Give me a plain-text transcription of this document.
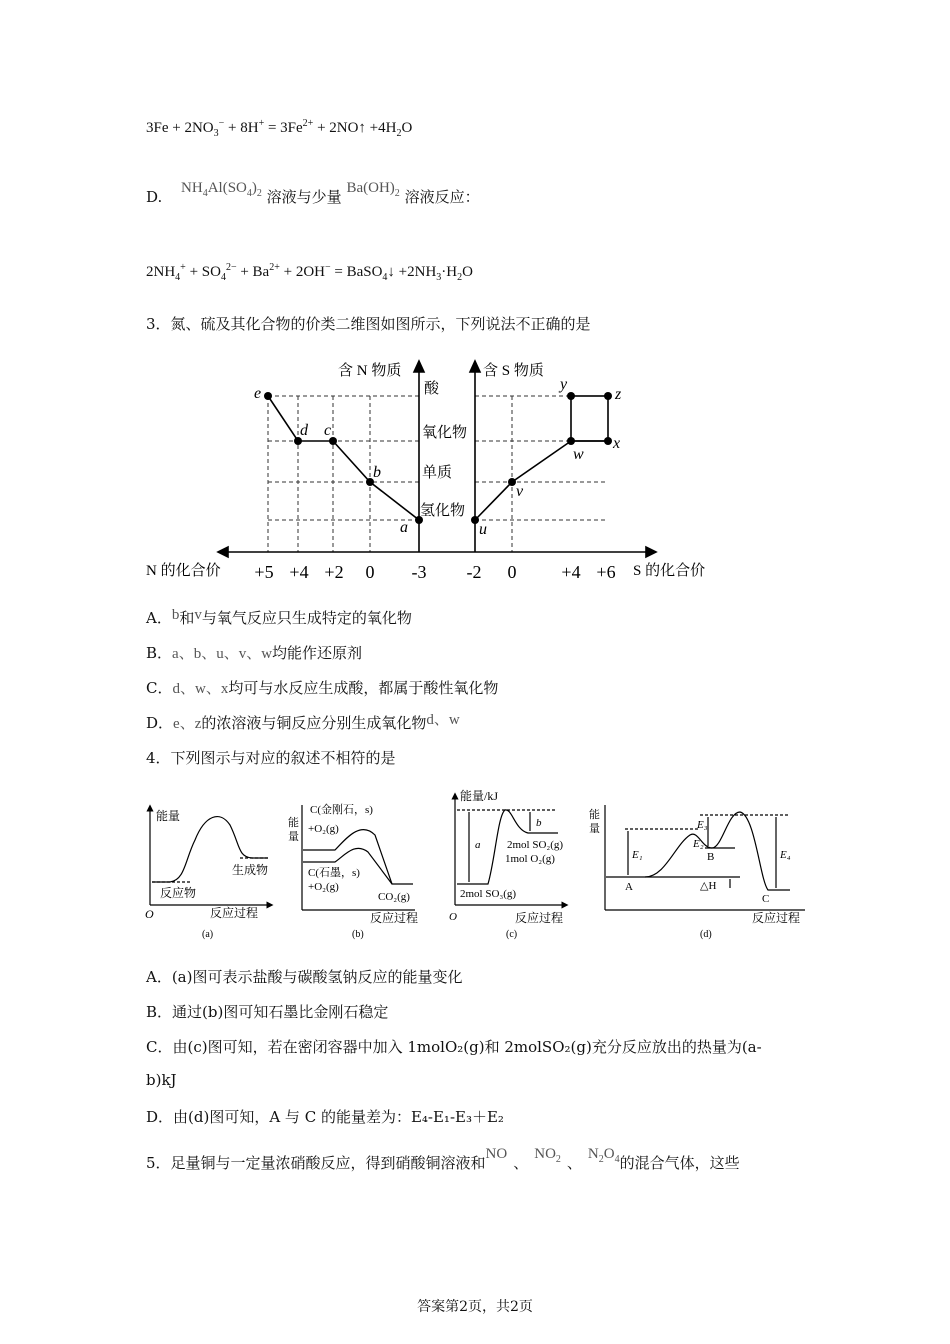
$3Fe + 2NO_3^- + 8H^+ = 3Fe^{2+}$ + 2NO↑ $+4H_2O$
D. $NH_4Al(SO_4)_2$ 溶液与少量 $Ba(OH)_2$ 溶液反应：
$2NH_4^+ + SO_4^{2-} + Ba^{2+} + 2OH^-$ = BaSO$_4$↓ $+2NH_3\cdot H_2O$
3．氮、硫及其化合物的价类二维图如图所示，下列说法不正确的是
e
d c
b
a	u
v
w
x
y
z
含 N 物质	含 S 物质
酸
氧化物
单质
氢化物
N 的化合价	S 的化合价
+5 +4 +2 0 -3 -2 0 +4 +6
A．b和v与氧气反应只生成特定的氧化物
B．a、b、u、v、w均能作还原剂
C．d、w、x均可与水反应生成酸，都属于酸性氧化物
D．e、z的浓溶液与铜反应分别生成氧化物d、w
4．下列图示与对应的叙述不相符的是
能量
生成物
反应物
O	反应过程
(a)
能
量
C(金刚石，s)
+O₂(g)
C(石墨，s)
+O₂(g)
CO₂(g)
反应过程
(b)
能量/kJ
a
b
2mol SO₂(g)
1mol O₂(g)
2mol SO₃(g)
O	反应过程
(c)
能
量
E₁
E₂
E₃
E₄
A
B
C
△H
反应过程
(d)
A．(a)图可表示盐酸与碳酸氢钠反应的能量变化
B．通过(b)图可知石墨比金刚石稳定
C．由(c)图可知，若在密闭容器中加入 1molO₂(g)和 2molSO₂(g)充分反应放出的热量为(a-
b)kJ
D．由(d)图可知，A 与 C 的能量差为：E₄-E₁-E₃＋E₂
5．足量铜与一定量浓硝酸反应，得到硝酸铜溶液和NO 、 $NO_2$ 、 $N_2O_4$的混合气体，这些
答案第2页，共2页
